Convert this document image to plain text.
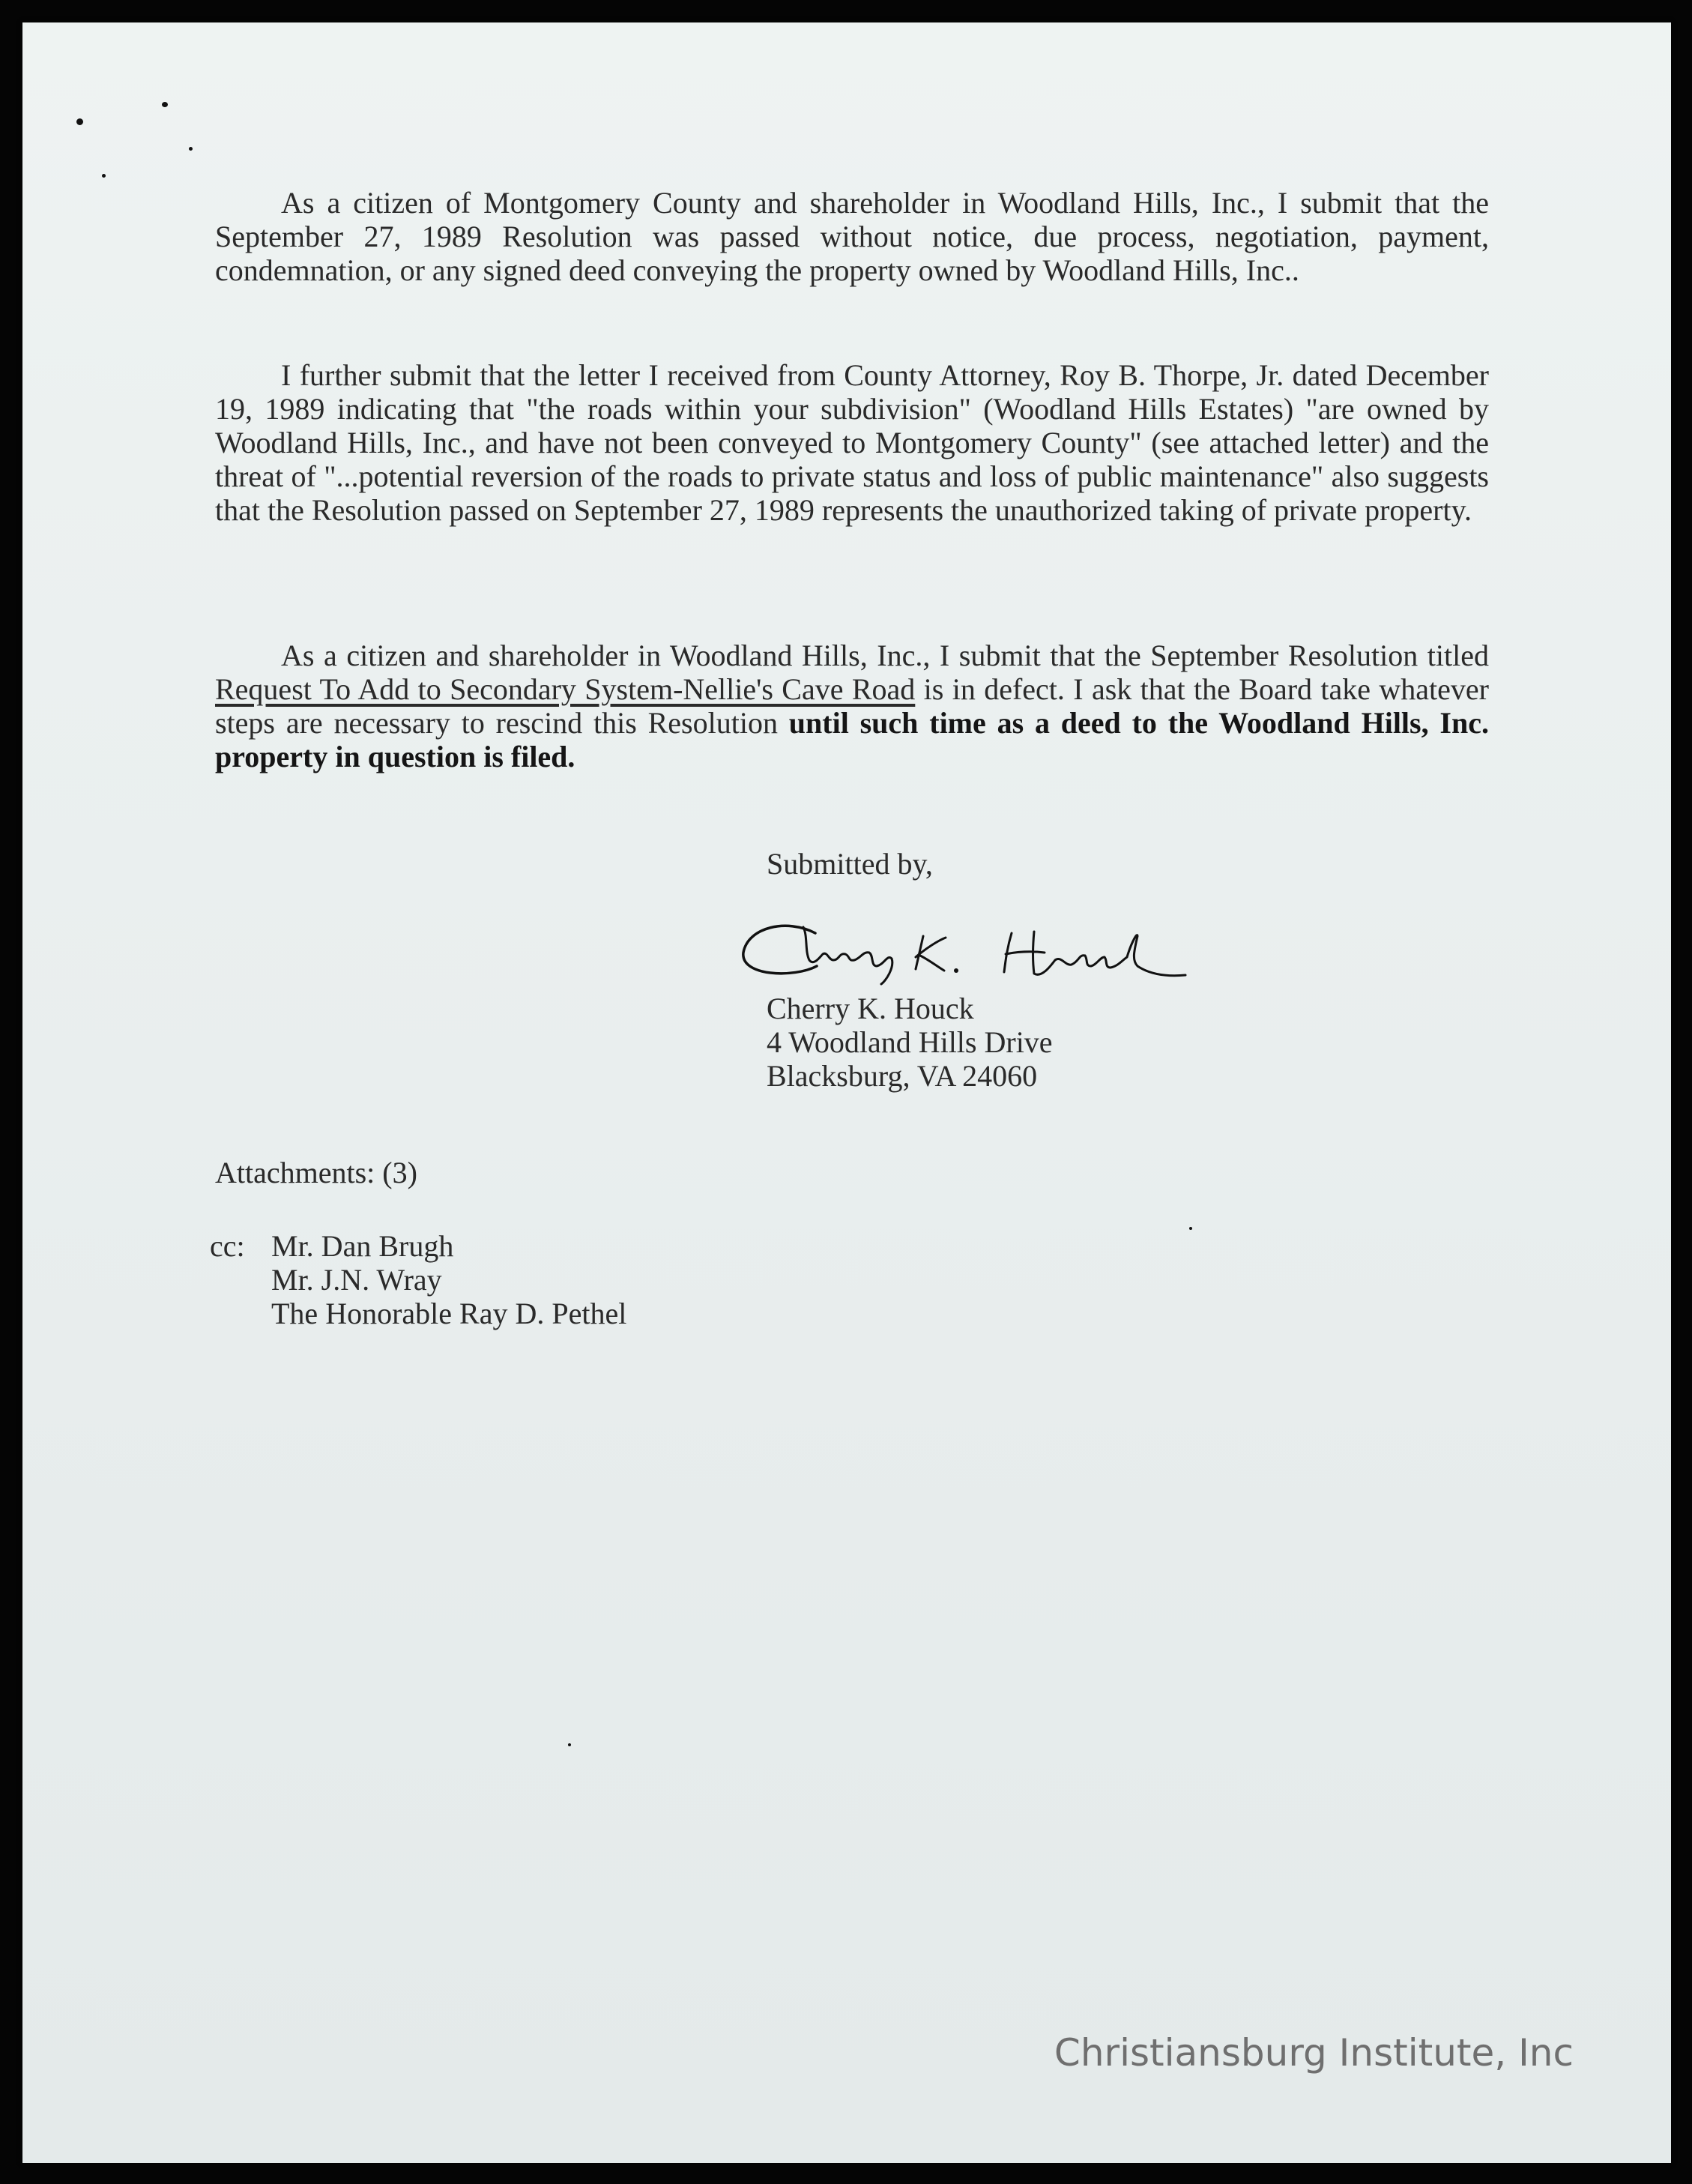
As a citizen of Montgomery County and shareholder in Woodland Hills, Inc., I submit that the September 27, 1989 Resolution was passed without notice, due process, negotiation, payment, condemnation, or any signed deed conveying the property owned by Woodland Hills, Inc..

I further submit that the letter I received from County Attorney, Roy B. Thorpe, Jr. dated December 19, 1989 indicating that "the roads within your subdivision" (Woodland Hills Estates) "are owned by Woodland Hills, Inc., and have not been conveyed to Montgomery County" (see attached letter) and the threat of "...potential reversion of the roads to private status and loss of public maintenance" also suggests that the Resolution passed on September 27, 1989 represents the unauthorized taking of private property.

As a citizen and shareholder in Woodland Hills, Inc., I submit that the September Resolution titled Request To Add to Secondary System-Nellie's Cave Road is in defect. I ask that the Board take whatever steps are necessary to rescind this Resolution until such time as a deed to the Woodland Hills, Inc. property in question is filed.

Submitted by,

Cherry K. Houck
Cherry K. Houck
4 Woodland Hills Drive
Blacksburg, VA 24060

Attachments: (3)

cc: Mr. Dan Brugh
Mr. J.N. Wray
The Honorable Ray D. Pethel
Christiansburg Institute, Inc
